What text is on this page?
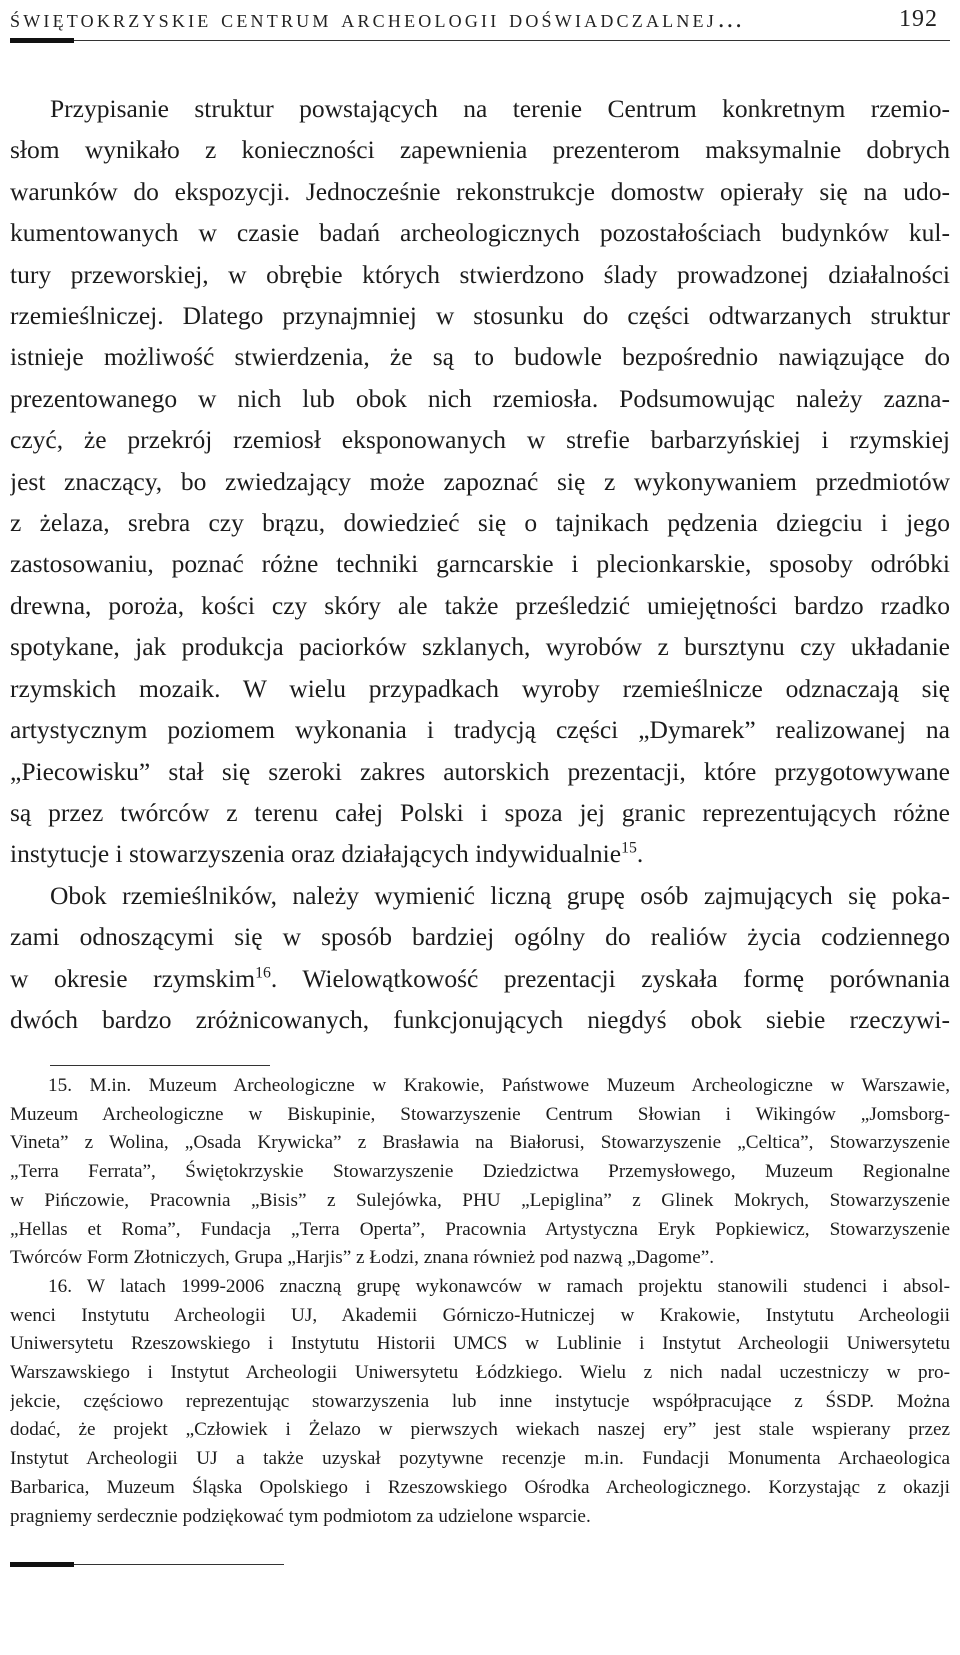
świętokrzyskie centrum archeologii doświadczalnej…	192
Przypisanie struktur powstających na terenie Centrum konkretnym rzemio-
słom wynikało z konieczności zapewnienia prezenterom maksymalnie dobrych
warunków do ekspozycji. Jednocześnie rekonstrukcje domostw opierały się na udo-
kumentowanych w czasie badań archeologicznych pozostałościach budynków kul-
tury przeworskiej, w obrębie których stwierdzono ślady prowadzonej działalności
rzemieślniczej. Dlatego przynajmniej w stosunku do części odtwarzanych struktur
istnieje możliwość stwierdzenia, że są to budowle bezpośrednio nawiązujące do
prezentowanego w nich lub obok nich rzemiosła. Podsumowując należy zazna-
czyć, że przekrój rzemiosł eksponowanych w strefie barbarzyńskiej i rzymskiej
jest znaczący, bo zwiedzający może zapoznać się z wykonywaniem przedmiotów
z żelaza, srebra czy brązu, dowiedzieć się o tajnikach pędzenia dziegciu i jego
zastosowaniu, poznać różne techniki garncarskie i plecionkarskie, sposoby odróbki
drewna, poroża, kości czy skóry ale także prześledzić umiejętności bardzo rzadko
spotykane, jak produkcja paciorków szklanych, wyrobów z bursztynu czy układanie
rzymskich mozaik. W wielu przypadkach wyroby rzemieślnicze odznaczają się
artystycznym poziomem wykonania i tradycją części „Dymarek” realizowanej na
„Piecowisku” stał się szeroki zakres autorskich prezentacji, które przygotowywane
są przez twórców z terenu całej Polski i spoza jej granic reprezentujących różne
instytucje i stowarzyszenia oraz działających indywidualnie$^{15}$.
Obok rzemieślników, należy wymienić liczną grupę osób zajmujących się poka-
zami odnoszącymi się w sposób bardziej ogólny do realiów życia codziennego
w okresie rzymskim$^{16}$. Wielowątkowość prezentacji zyskała formę porównania
dwóch bardzo zróżnicowanych, funkcjonujących niegdyś obok siebie rzeczywi-
15. M.in. Muzeum Archeologiczne w Krakowie, Państwowe Muzeum Archeologiczne w Warszawie,
Muzeum Archeologiczne w Biskupinie, Stowarzyszenie Centrum Słowian i Wikingów „Jomsborg-
Vineta” z Wolina, „Osada Krywicka” z Brasławia na Białorusi, Stowarzyszenie „Celtica”, Stowarzyszenie
„Terra Ferrata”, Świętokrzyskie Stowarzyszenie Dziedzictwa Przemysłowego, Muzeum Regionalne
w Pińczowie, Pracownia „Bisis” z Sulejówka, PHU „Lepiglina” z Glinek Mokrych, Stowarzyszenie
„Hellas et Roma”, Fundacja „Terra Operta”, Pracownia Artystyczna Eryk Popkiewicz, Stowarzyszenie
Twórców Form Złotniczych, Grupa „Harjis” z Łodzi, znana również pod nazwą „Dagome”.
16. W latach 1999-2006 znaczną grupę wykonawców w ramach projektu stanowili studenci i absol-
wenci Instytutu Archeologii UJ, Akademii Górniczo-Hutniczej w Krakowie, Instytutu Archeologii
Uniwersytetu Rzeszowskiego i Instytutu Historii UMCS w Lublinie i Instytut Archeologii Uniwersytetu
Warszawskiego i Instytut Archeologii Uniwersytetu Łódzkiego. Wielu z nich nadal uczestniczy w pro-
jekcie, częściowo reprezentując stowarzyszenia lub inne instytucje współpracujące z ŚSDP. Można
dodać, że projekt „Człowiek i Żelazo w pierwszych wiekach naszej ery” jest stale wspierany przez
Instytut Archeologii UJ a także uzyskał pozytywne recenzje m.in. Fundacji Monumenta Archaeologica
Barbarica, Muzeum Śląska Opolskiego i Rzeszowskiego Ośrodka Archeologicznego. Korzystając z okazji
pragniemy serdecznie podziękować tym podmiotom za udzielone wsparcie.
